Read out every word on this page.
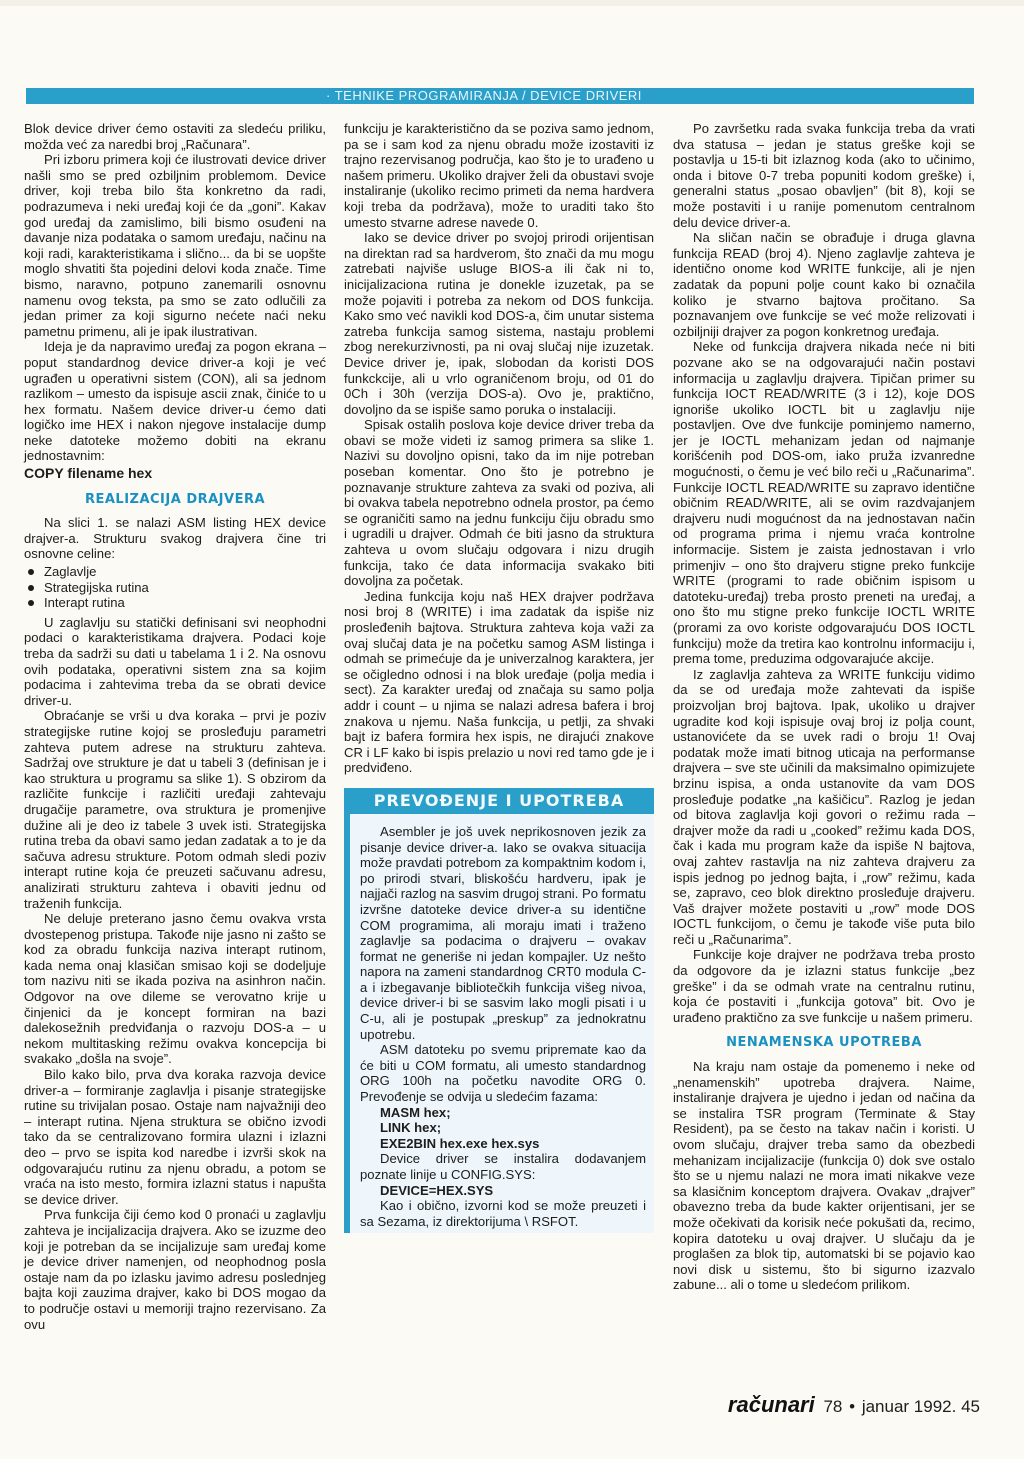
· TEHNIKE PROGRAMIRANJA / DEVICE DRIVERI

Blok device driver ćemo ostaviti za sledeću priliku, možda već za naredbi broj „Računara”.

Pri izboru primera koji će ilustrovati device driver našli smo se pred ozbiljnim problemom. Device driver, koji treba bilo šta konkretno da radi, podrazumeva i neki uređaj koji će da „goni”. Kakav god uređaj da zamislimo, bili bismo osuđeni na davanje niza podataka o samom uređaju, načinu na koji radi, karakteristikama i slično... da bi se uopšte moglo shvatiti šta pojedini delovi koda znače. Time bismo, naravno, potpuno zanemarili osnovnu namenu ovog teksta, pa smo se zato odlučili za jedan primer za koji sigurno nećete naći neku pametnu primenu, ali je ipak ilustrativan.

Ideja je da napravimo uređaj za pogon ekrana – poput standardnog device driver-a koji je već ugrađen u operativni sistem (CON), ali sa jednom razlikom – umesto da ispisuje ascii znak, činiće to u hex formatu. Našem device driver-u ćemo dati logičko ime HEX i nakon njegove instalacije dump neke datoteke možemo dobiti na ekranu jednostavnim:

COPY filename hex
REALIZACIJA DRAJVERA

Na slici 1. se nalazi ASM listing HEX device drajver-a. Strukturu svakog drajvera čine tri osnovne celine:

Zaglavlje
Strategijska rutina
Interapt rutina

U zaglavlju su statički definisani svi neophodni podaci o karakteristikama drajvera. Podaci koje treba da sadrži su dati u tabelama 1 i 2. Na osnovu ovih podataka, operativni sistem zna sa kojim podacima i zahtevima treba da se obrati device driver-u.

Obraćanje se vrši u dva koraka – prvi je poziv strategijske rutine kojoj se prosleđuju parametri zahteva putem adrese na strukturu zahteva. Sadržaj ove strukture je dat u tabeli 3 (definisan je i kao struktura u programu sa slike 1). S obzirom da različite funkcije i različiti uređaji zahtevaju drugačije parametre, ova struktura je promenjive dužine ali je deo iz tabele 3 uvek isti. Strategijska rutina treba da obavi samo jedan zadatak a to je da sačuva adresu strukture. Potom odmah sledi poziv interapt rutine koja će preuzeti sačuvanu adresu, analizirati strukturu zahteva i obaviti jednu od traženih funkcija.

Ne deluje preterano jasno čemu ovakva vrsta dvostepenog pristupa. Takođe nije jasno ni zašto se kod za obradu funkcija naziva interapt rutinom, kada nema onaj klasičan smisao koji se dodeljuje tom nazivu niti se ikada poziva na asinhron način. Odgovor na ove dileme se verovatno krije u činjenici da je koncept formiran na bazi dalekosežnih predviđanja o razvoju DOS-a – u nekom multitasking režimu ovakva koncepcija bi svakako „došla na svoje”.

Bilo kako bilo, prva dva koraka razvoja device driver-a – formiranje zaglavlja i pisanje strategijske rutine su trivijalan posao. Ostaje nam najvažniji deo – interapt rutina. Njena struktura se obično izvodi tako da se centralizovano formira ulazni i izlazni deo – prvo se ispita kod naredbe i izvrši skok na odgovarajuću rutinu za njenu obradu, a potom se vraća na isto mesto, formira izlazni status i napušta se device driver.

Prva funkcija čiji ćemo kod 0 pronaći u zaglavlju zahteva je incijalizacija drajvera. Ako se izuzme deo koji je potreban da se incijalizuje sam uređaj kome je device driver namenjen, od neophodnog posla ostaje nam da po izlasku javimo adresu poslednjeg bajta koji zauzima drajver, kako bi DOS mogao da to područje ostavi u memoriji trajno rezervisano. Za ovu

funkciju je karakteristično da se poziva samo jednom, pa se i sam kod za njenu obradu može izostaviti iz trajno rezervisanog područja, kao što je to urađeno u našem primeru. Ukoliko drajver želi da obustavi svoje instaliranje (ukoliko recimo primeti da nema hardvera koji treba da podržava), može to uraditi tako što umesto stvarne adrese navede 0.

Iako se device driver po svojoj prirodi orijentisan na direktan rad sa hardverom, što znači da mu mogu zatrebati najviše usluge BIOS-a ili čak ni to, inicijalizaciona rutina je donekle izuzetak, pa se može pojaviti i potreba za nekom od DOS funkcija. Kako smo već navikli kod DOS-a, čim unutar sistema zatreba funkcija samog sistema, nastaju problemi zbog nerekurzivnosti, pa ni ovaj slučaj nije izuzetak. Device driver je, ipak, slobodan da koristi DOS funkckcije, ali u vrlo ograničenom broju, od 01 do 0Ch i 30h (verzija DOS-a). Ovo je, praktično, dovoljno da se ispiše samo poruka o instalaciji.

Spisak ostalih poslova koje device driver treba da obavi se može videti iz samog primera sa slike 1. Nazivi su dovoljno opisni, tako da im nije potreban poseban komentar. Ono što je potrebno je poznavanje strukture zahteva za svaki od poziva, ali bi ovakva tabela nepotrebno odnela prostor, pa ćemo se ograničiti samo na jednu funkciju čiju obradu smo i ugradili u drajver. Odmah će biti jasno da struktura zahteva u ovom slučaju odgovara i nizu drugih funkcija, tako će data informacija svakako biti dovoljna za početak.

Jedina funkcija koju naš HEX drajver podržava nosi broj 8 (WRITE) i ima zadatak da ispiše niz prosleđenih bajtova. Struktura zahteva koja važi za ovaj slučaj data je na početku samog ASM listinga i odmah se primećuje da je univerzalnog karaktera, jer se očigledno odnosi i na blok uređaje (polja media i sect). Za karakter uređaj od značaja su samo polja addr i count – u njima se nalazi adresa bafera i broj znakova u njemu. Naša funkcija, u petlji, za shvaki bajt iz bafera formira hex ispis, ne dirajući znakove CR i LF kako bi ispis prelazio u novi red tamo gde je i predviđeno.

PREVOĐENJE I UPOTREBA

Asembler je još uvek neprikosnoven jezik za pisanje device driver-a. Iako se ovakva situacija može pravdati potrebom za kompaktnim kodom i, po prirodi stvari, bliskošću hardveru, ipak je najjači razlog na sasvim drugoj strani. Po formatu izvršne datoteke device driver-a su identične COM programima, ali moraju imati i traženo zaglavlje sa podacima o drajveru – ovakav format ne generiše ni jedan kompajler. Uz nešto napora na zameni standardnog CRT0 modula C-a i izbegavanje bibliotečkih funkcija višeg nivoa, device driver-i bi se sasvim lako mogli pisati i u C-u, ali je postupak „preskup” za jednokratnu upotrebu.

ASM datoteku po svemu pripremate kao da će biti u COM formatu, ali umesto standardnog ORG 100h na početku navodite ORG 0. Prevođenje se odvija u sledećim fazama:

MASM hex;
LINK hex;
EXE2BIN hex.exe hex.sys

Device driver se instalira dodavanjem poznate linije u CONFIG.SYS:

DEVICE=HEX.SYS

Kao i obično, izvorni kod se može preuzeti i sa Sezama, iz direktorijuma \ RSFOT.

Po završetku rada svaka funkcija treba da vrati dva statusa – jedan je status greške koji se postavlja u 15-ti bit izlaznog koda (ako to učinimo, onda i bitove 0-7 treba popuniti kodom greške) i, generalni status „posao obavljen” (bit 8), koji se može postaviti i u ranije pomenutom centralnom delu device driver-a.

Na sličan način se obrađuje i druga glavna funkcija READ (broj 4). Njeno zaglavlje zahteva je identično onome kod WRITE funkcije, ali je njen zadatak da popuni polje count kako bi označila koliko je stvarno bajtova pročitano. Sa poznavanjem ove funkcije se već može relizovati i ozbiljniji drajver za pogon konkretnog uređaja.

Neke od funkcija drajvera nikada neće ni biti pozvane ako se na odgovarajući način postavi informacija u zaglavlju drajvera. Tipičan primer su funkcija IOCT READ/WRITE (3 i 12), koje DOS ignoriše ukoliko IOCTL bit u zaglavlju nije postavljen. Ove dve funkcije pominjemo namerno, jer je IOCTL mehanizam jedan od najmanje korišćenih pod DOS-om, iako pruža izvanredne mogućnosti, o čemu je već bilo reči u „Računarima”. Funkcije IOCTL READ/WRITE su zapravo identične običnim READ/WRITE, ali se ovim razdvajanjem drajveru nudi mogućnost da na jednostavan način od programa prima i njemu vraća kontrolne informacije. Sistem je zaista jednostavan i vrlo primenjiv – ono što drajveru stigne preko funkcije WRITE (programi to rade običnim ispisom u datoteku-uređaj) treba prosto preneti na uređaj, a ono što mu stigne preko funkcije IOCTL WRITE (prorami za ovo koriste odgovarajuću DOS IOCTL funkciju) može da tretira kao kontrolnu informaciju i, prema tome, preduzima odgovarajuće akcije.

Iz zaglavlja zahteva za WRITE funkciju vidimo da se od uređaja može zahtevati da ispiše proizvoljan broj bajtova. Ipak, ukoliko u drajver ugradite kod koji ispisuje ovaj broj iz polja count, ustanovićete da se uvek radi o broju 1! Ovaj podatak može imati bitnog uticaja na performanse drajvera – sve ste učinili da maksimalno opimizujete brzinu ispisa, a onda ustanovite da vam DOS prosleđuje podatke „na kašičicu”. Razlog je jedan od bitova zaglavlja koji govori o režimu rada – drajver može da radi u „cooked” režimu kada DOS, čak i kada mu program kaže da ispiše N bajtova, ovaj zahtev rastavlja na niz zahteva drajveru za ispis jednog po jednog bajta, i „row” režimu, kada se, zapravo, ceo blok direktno prosleđuje drajveru. Vaš drajver možete postaviti u „row” mode DOS IOCTL funkcijom, o čemu je takođe više puta bilo reči u „Računarima”.

Funkcije koje drajver ne podržava treba prosto da odgovore da je izlazni status funkcije „bez greške” i da se odmah vrate na centralnu rutinu, koja će postaviti i „funkcija gotova” bit. Ovo je urađeno praktično za sve funkcije u našem primeru.

NENAMENSKA UPOTREBA

Na kraju nam ostaje da pomenemo i neke od „nenamenskih” upotreba drajvera. Naime, instaliranje drajvera je ujedno i jedan od načina da se instalira TSR program (Terminate & Stay Resident), pa se često na takav način i koristi. U ovom slučaju, drajver treba samo da obezbedi mehanizam incijalizacije (funkcija 0) dok sve ostalo što se u njemu nalazi ne mora imati nikakve veze sa klasičnim konceptom drajvera. Ovakav „drajver” obavezno treba da bude kakter orijentisani, jer se može očekivati da korisik neće pokušati da, recimo, kopira datoteku u ovaj drajver. U slučaju da je proglašen za blok tip, automatski bi se pojavio kao novi disk u sistemu, što bi sigurno izazvalo zabune... ali o tome u sledećom prilikom.

računari 78 • januar 1992. 45
